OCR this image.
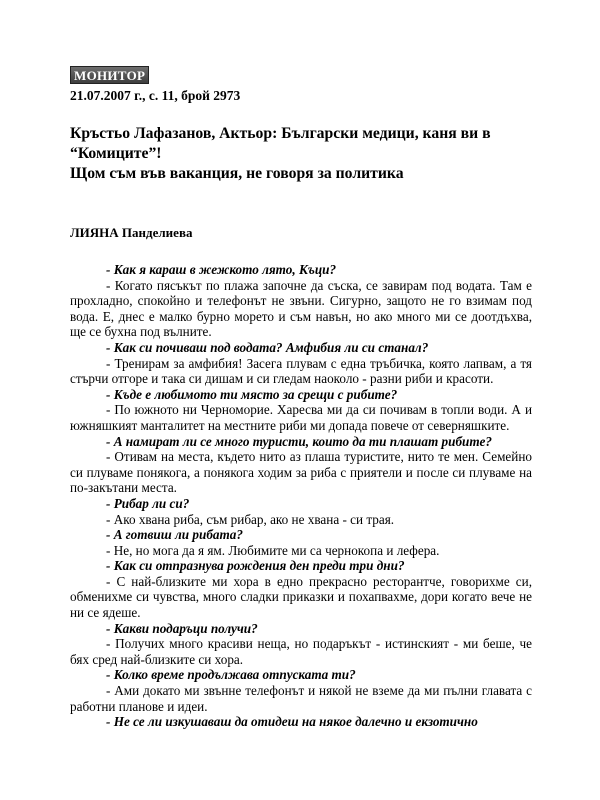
МОНИТОР
21.07.2007 г., с. 11, брой 2973
Кръстьо Лафазанов, Актьор: Български медици, каня ви в “Комиците”!
Щом съм във ваканция, не говоря за политика
ЛИЯНА Панделиева

- Как я караш в жежкото лято, Къци?

- Когато пясъкът по плажа започне да съска, се завирам под водата. Там е прохладно, спокойно и телефонът не звъни. Сигурно, защото не го взимам под вода. Е, днес е малко бурно морето и съм навън, но ако много ми се доотдъхва, ще се бухна под вълните.

- Как си почиваш под водата? Амфибия ли си станал?

- Тренирам за амфибия! Засега плувам с една тръбичка, която лапвам, а тя стърчи отгоре и така си дишам и си гледам наоколо - разни риби и красоти.

- Къде е любимото ти място за срещи с рибите?

- По южното ни Черноморие. Харесва ми да си почивам в топли води. А и южняшкият манталитет на местните риби ми допада повече от северняшките.

- А намират ли се много туристи, които да ти плашат рибите?

- Отивам на места, където нито аз плаша туристите, нито те мен. Семейно си плуваме понякога, а понякога ходим за риба с приятели и после си плуваме на по-закътани места.

- Рибар ли си?

- Ако хвана риба, съм рибар, ако не хвана - си трая.

- А готвиш ли рибата?

- Не, но мога да я ям. Любимите ми са чернокопа и лефера.

- Как си отпразнува рождения ден преди три дни?

- С най-близките ми хора в едно прекрасно ресторантче, говорихме си, обменихме си чувства, много сладки приказки и похапвахме, дори когато вече не ни се ядеше.

- Какви подаръци получи?

- Получих много красиви неща, но подаръкът - истинският - ми беше, че бях сред най-близките си хора.

- Колко време продължава отпуската ти?

- Ами докато ми звънне телефонът и някой не вземе да ми пълни главата с работни планове и идеи.

- Не се ли изкушаваш да отидеш на някое далечно и екзотично
